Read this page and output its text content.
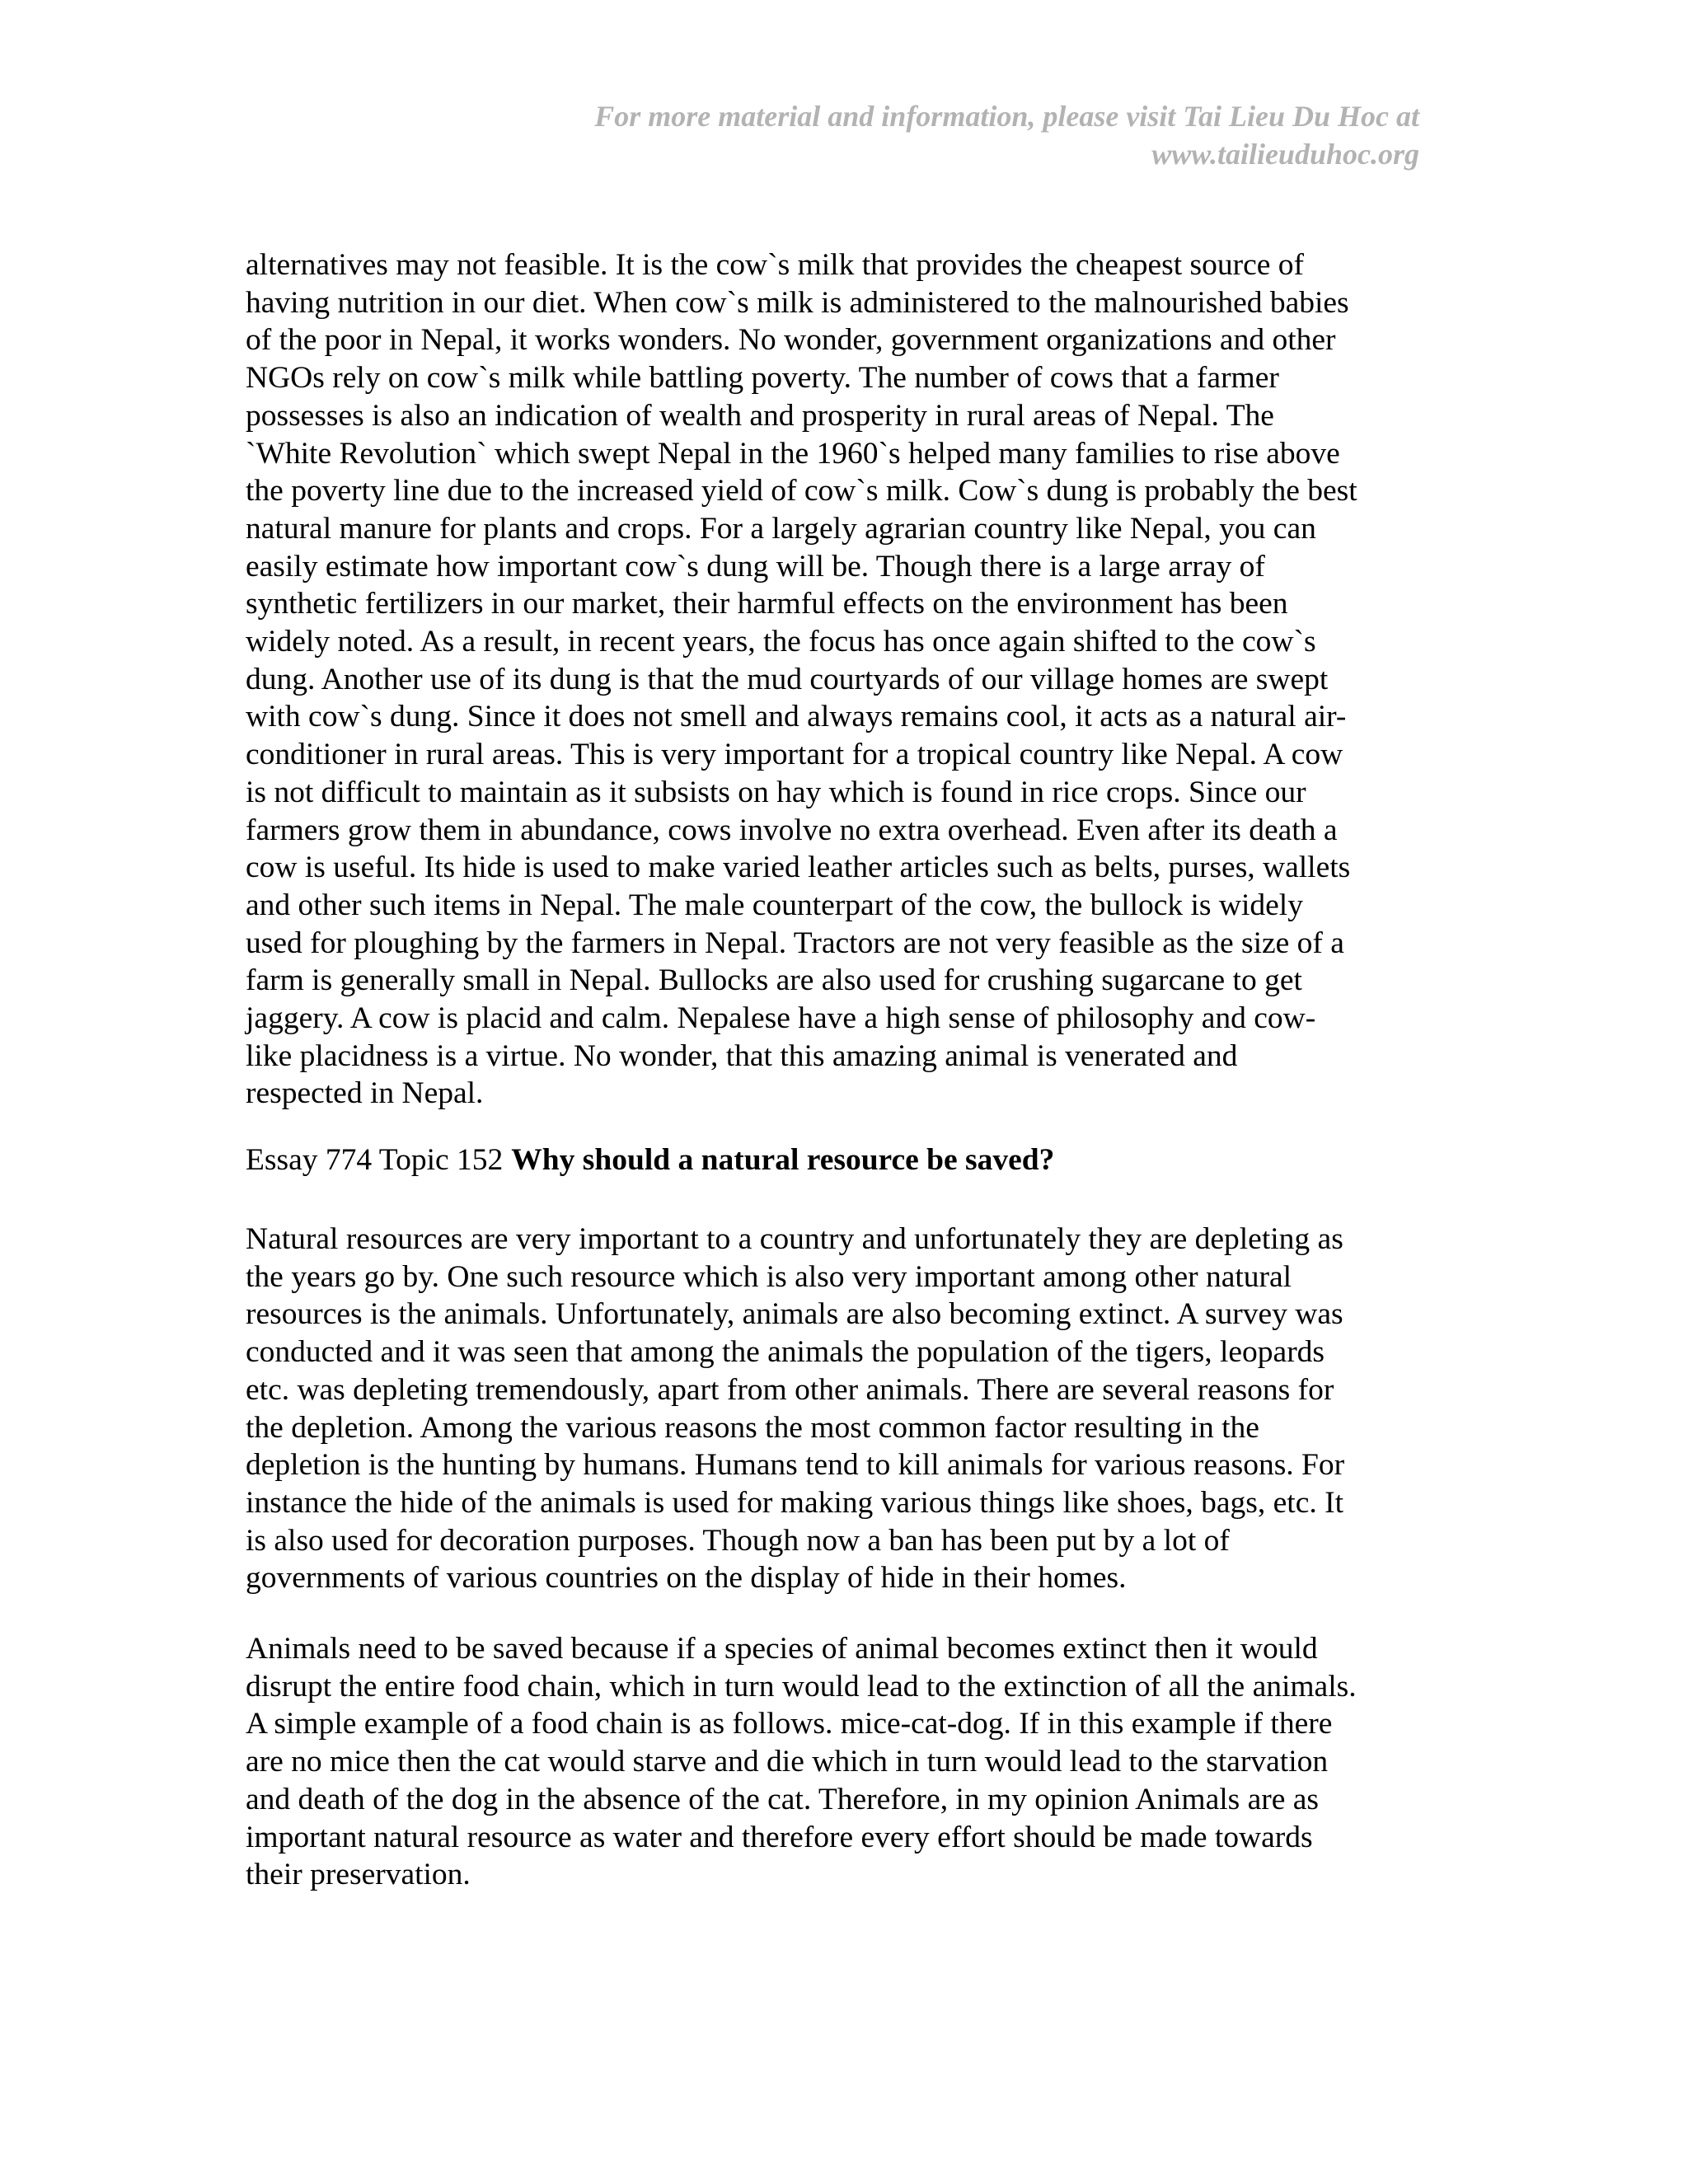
For more material and information, please visit Tai Lieu Du Hoc at
www.tailieuduhoc.org
alternatives may not feasible. It is the cow`s milk that provides the cheapest source of
having nutrition in our diet. When cow`s milk is administered to the malnourished babies
of the poor in Nepal, it works wonders. No wonder, government organizations and other
NGOs rely on cow`s milk while battling poverty. The number of cows that a farmer
possesses is also an indication of wealth and prosperity in rural areas of Nepal. The
`White Revolution` which swept Nepal in the 1960`s helped many families to rise above
the poverty line due to the increased yield of cow`s milk. Cow`s dung is probably the best
natural manure for plants and crops. For a largely agrarian country like Nepal, you can
easily estimate how important cow`s dung will be. Though there is a large array of
synthetic fertilizers in our market, their harmful effects on the environment has been
widely noted. As a result, in recent years, the focus has once again shifted to the cow`s
dung. Another use of its dung is that the mud courtyards of our village homes are swept
with cow`s dung. Since it does not smell and always remains cool, it acts as a natural air-
conditioner in rural areas. This is very important for a tropical country like Nepal. A cow
is not difficult to maintain as it subsists on hay which is found in rice crops. Since our
farmers grow them in abundance, cows involve no extra overhead. Even after its death a
cow is useful. Its hide is used to make varied leather articles such as belts, purses, wallets
and other such items in Nepal. The male counterpart of the cow, the bullock is widely
used for ploughing by the farmers in Nepal. Tractors are not very feasible as the size of a
farm is generally small in Nepal. Bullocks are also used for crushing sugarcane to get
jaggery. A cow is placid and calm. Nepalese have a high sense of philosophy and cow-
like placidness is a virtue. No wonder, that this amazing animal is venerated and
respected in Nepal.
Essay 774 Topic 152 Why should a natural resource be saved?
Natural resources are very important to a country and unfortunately they are depleting as
the years go by. One such resource which is also very important among other natural
resources is the animals. Unfortunately, animals are also becoming extinct. A survey was
conducted and it was seen that among the animals the population of the tigers, leopards
etc. was depleting tremendously, apart from other animals. There are several reasons for
the depletion. Among the various reasons the most common factor resulting in the
depletion is the hunting by humans. Humans tend to kill animals for various reasons. For
instance the hide of the animals is used for making various things like shoes, bags, etc. It
is also used for decoration purposes. Though now a ban has been put by a lot of
governments of various countries on the display of hide in their homes.
Animals need to be saved because if a species of animal becomes extinct then it would
disrupt the entire food chain, which in turn would lead to the extinction of all the animals.
A simple example of a food chain is as follows. mice-cat-dog. If in this example if there
are no mice then the cat would starve and die which in turn would lead to the starvation
and death of the dog in the absence of the cat. Therefore, in my opinion Animals are as
important natural resource as water and therefore every effort should be made towards
their preservation.
